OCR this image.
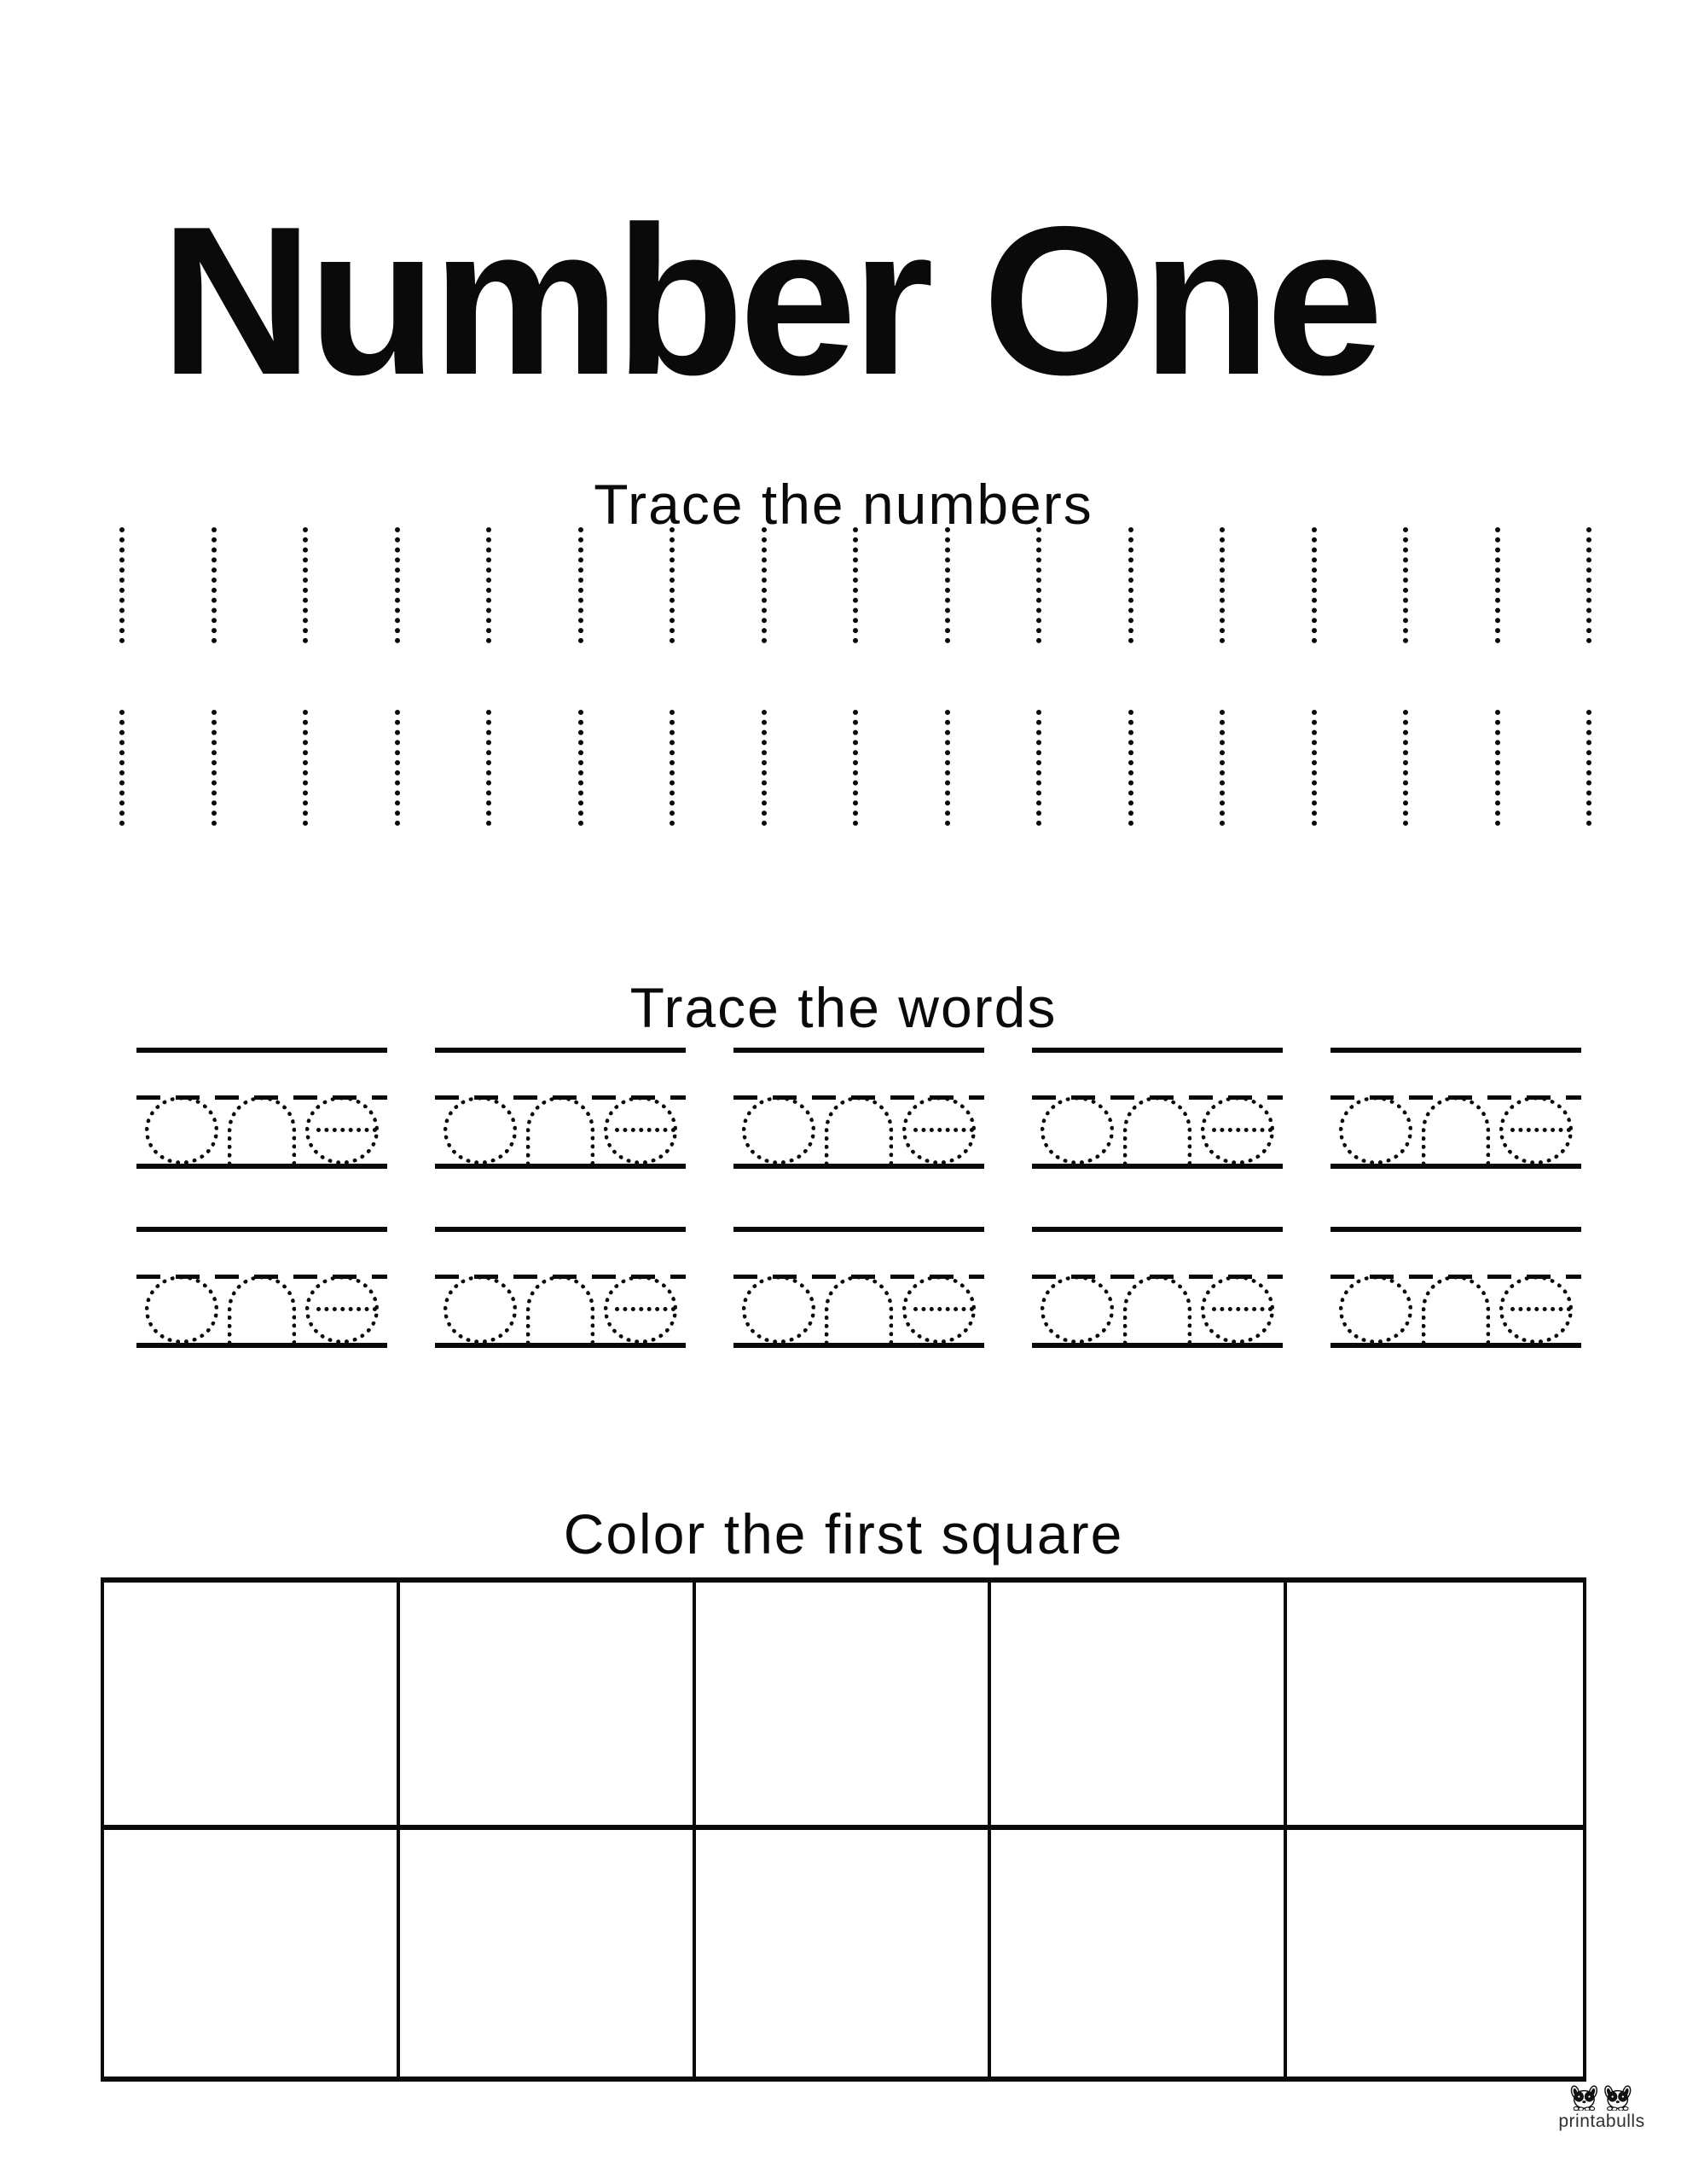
Number One
Trace the numbers
Trace the words
Color the first square
printabulls
